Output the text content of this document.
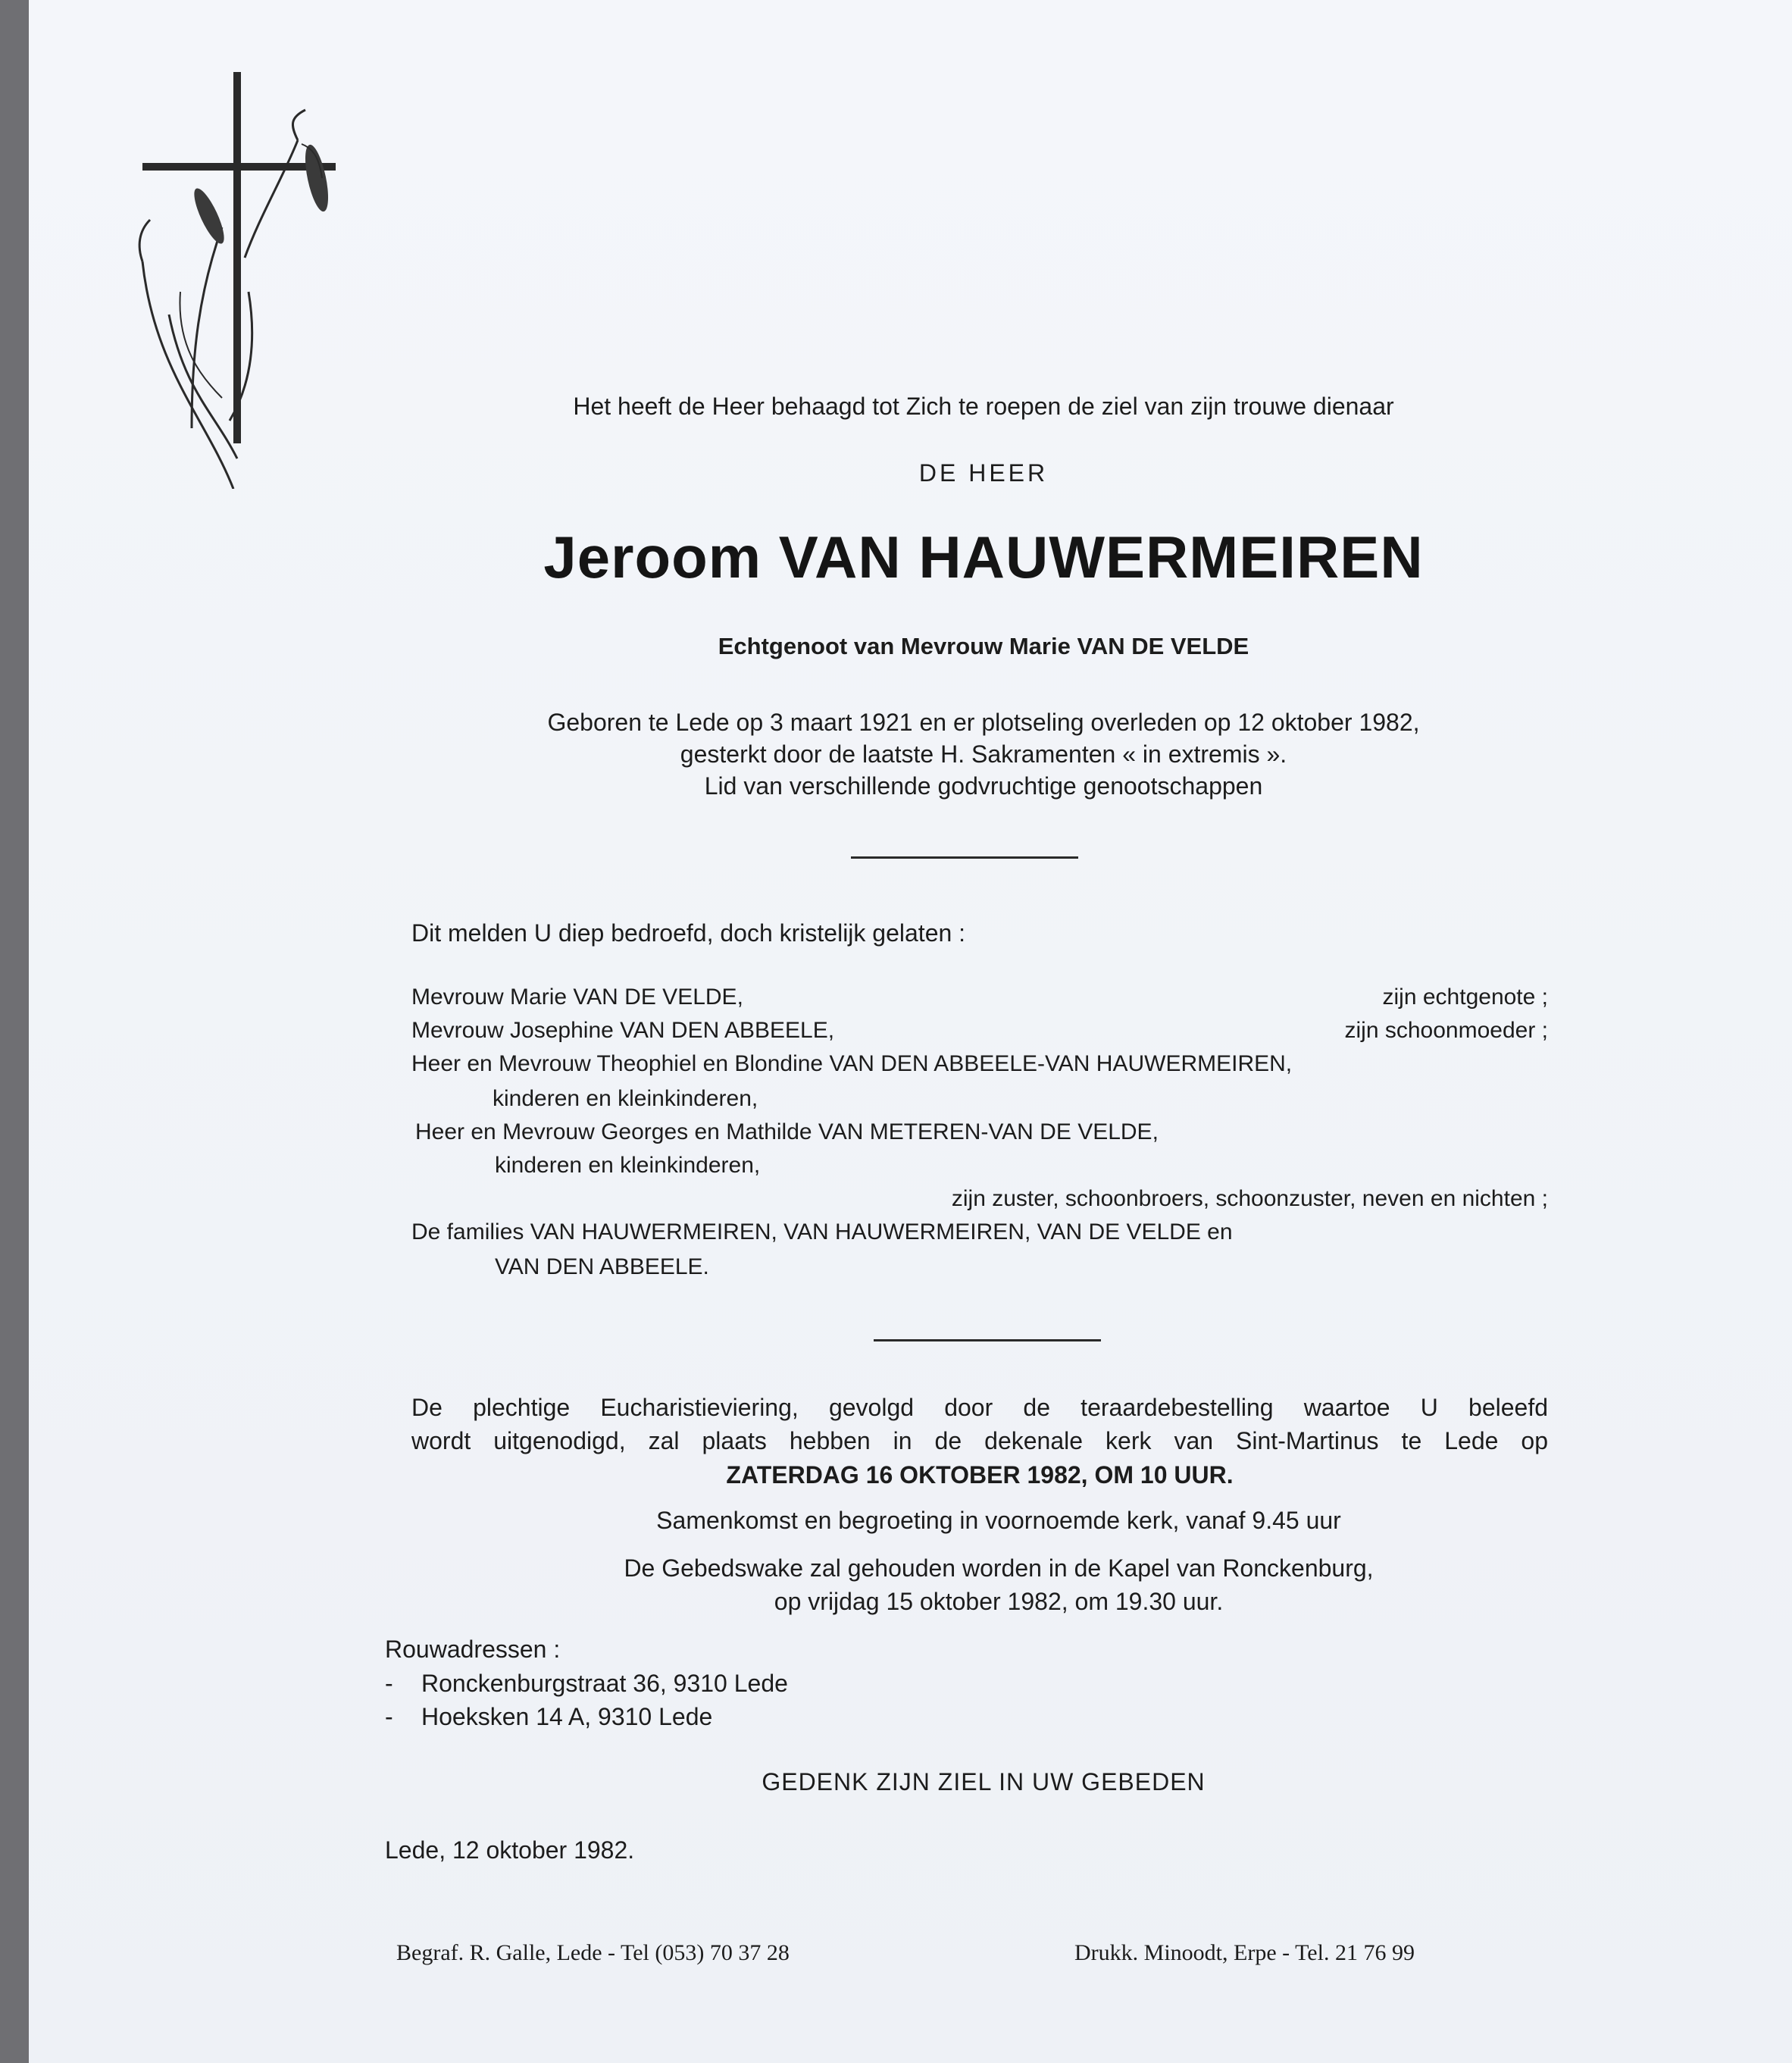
Het heeft de Heer behaagd tot Zich te roepen de ziel van zijn trouwe dienaar
DE HEER
Jeroom VAN HAUWERMEIREN
Echtgenoot van Mevrouw Marie VAN DE VELDE
Geboren te Lede op 3 maart 1921 en er plotseling overleden op 12 oktober 1982,
gesterkt door de laatste H. Sakramenten « in extremis ».
Lid van verschillende godvruchtige genootschappen
Dit melden U diep bedroefd, doch kristelijk gelaten :
Mevrouw Marie VAN DE VELDE,	zijn echtgenote ;
Mevrouw Josephine VAN DEN ABBEELE,	zijn schoonmoeder ;
Heer en Mevrouw Theophiel en Blondine VAN DEN ABBEELE-VAN HAUWERMEIREN,
kinderen en kleinkinderen,
Heer en Mevrouw Georges en Mathilde VAN METEREN-VAN DE VELDE,
kinderen en kleinkinderen,
zijn zuster, schoonbroers, schoonzuster, neven en nichten ;
De families VAN HAUWERMEIREN, VAN HAUWERMEIREN, VAN DE VELDE en
VAN DEN ABBEELE.
De plechtige Eucharistieviering, gevolgd door de teraardebestelling waartoe U beleefd
wordt uitgenodigd, zal plaats hebben in de dekenale kerk van Sint-Martinus te Lede op
ZATERDAG 16 OKTOBER 1982, OM 10 UUR.
Samenkomst en begroeting in voornoemde kerk, vanaf 9.45 uur
De Gebedswake zal gehouden worden in de Kapel van Ronckenburg,
op vrijdag 15 oktober 1982, om 19.30 uur.
Rouwadressen :
- Ronckenburgstraat 36, 9310 Lede
- Hoeksken 14 A, 9310 Lede
GEDENK ZIJN ZIEL IN UW GEBEDEN
Lede, 12 oktober 1982.
Begraf. R. Galle, Lede - Tel (053) 70 37 28	Drukk. Minoodt, Erpe - Tel. 21 76 99
